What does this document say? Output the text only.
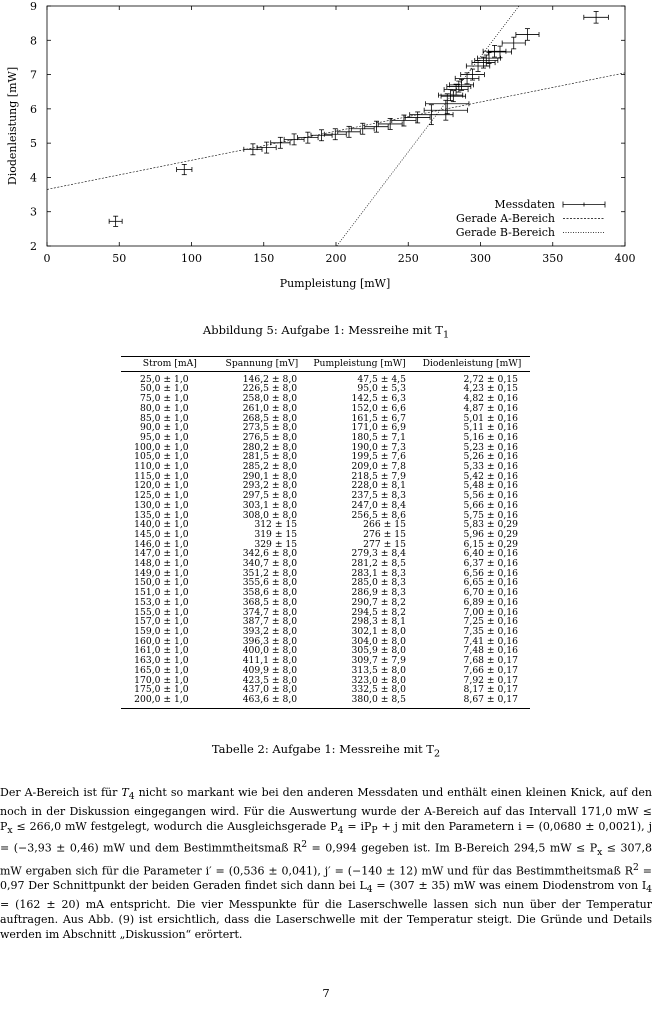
0	50	100	150	200	250	300	350	400
2
3
4
5
6
7
8
9
Pumpleistung [mW]
Diodenleistung [mW]
Messdaten
Gerade A-Bereich
Gerade B-Bereich
Abbildung 5: Aufgabe 1: Messreihe mit $T_1$
Strom [mA]	Spannung [mV]	Pumpleistung [mW]	Diodenleistung [mW]
25,0 ± 1,0	146,2 ± 8,0	47,5 ± 4,5	2,72 ± 0,15
50,0 ± 1,0	226,5 ± 8,0	95,0 ± 5,3	4,23 ± 0,15
75,0 ± 1,0	258,0 ± 8,0	142,5 ± 6,3	4,82 ± 0,16
80,0 ± 1,0	261,0 ± 8,0	152,0 ± 6,6	4,87 ± 0,16
85,0 ± 1,0	268,5 ± 8,0	161,5 ± 6,7	5,01 ± 0,16
90,0 ± 1,0	273,5 ± 8,0	171,0 ± 6,9	5,11 ± 0,16
95,0 ± 1,0	276,5 ± 8,0	180,5 ± 7,1	5,16 ± 0,16
100,0 ± 1,0	280,2 ± 8,0	190,0 ± 7,3	5,23 ± 0,16
105,0 ± 1,0	281,5 ± 8,0	199,5 ± 7,6	5,26 ± 0,16
110,0 ± 1,0	285,2 ± 8,0	209,0 ± 7,8	5,33 ± 0,16
115,0 ± 1,0	290,1 ± 8,0	218,5 ± 7,9	5,42 ± 0,16
120,0 ± 1,0	293,2 ± 8,0	228,0 ± 8,1	5,48 ± 0,16
125,0 ± 1,0	297,5 ± 8,0	237,5 ± 8,3	5,56 ± 0,16
130,0 ± 1,0	303,1 ± 8,0	247,0 ± 8,4	5,66 ± 0,16
135,0 ± 1,0	308,0 ± 8,0	256,5 ± 8,6	5,75 ± 0,16
140,0 ± 1,0	312 ± 15	266 ± 15	5,83 ± 0,29
145,0 ± 1,0	319 ± 15	276 ± 15	5,96 ± 0,29
146,0 ± 1,0	329 ± 15	277 ± 15	6,15 ± 0,29
147,0 ± 1,0	342,6 ± 8,0	279,3 ± 8,4	6,40 ± 0,16
148,0 ± 1,0	340,7 ± 8,0	281,2 ± 8,5	6,37 ± 0,16
149,0 ± 1,0	351,2 ± 8,0	283,1 ± 8,3	6,56 ± 0,16
150,0 ± 1,0	355,6 ± 8,0	285,0 ± 8,3	6,65 ± 0,16
151,0 ± 1,0	358,6 ± 8,0	286,9 ± 8,3	6,70 ± 0,16
153,0 ± 1,0	368,5 ± 8,0	290,7 ± 8,2	6,89 ± 0,16
155,0 ± 1,0	374,7 ± 8,0	294,5 ± 8,2	7,00 ± 0,16
157,0 ± 1,0	387,7 ± 8,0	298,3 ± 8,1	7,25 ± 0,16
159,0 ± 1,0	393,2 ± 8,0	302,1 ± 8,0	7,35 ± 0,16
160,0 ± 1,0	396,3 ± 8,0	304,0 ± 8,0	7,41 ± 0,16
161,0 ± 1,0	400,0 ± 8,0	305,9 ± 8,0	7,48 ± 0,16
163,0 ± 1,0	411,1 ± 8,0	309,7 ± 7,9	7,68 ± 0,17
165,0 ± 1,0	409,9 ± 8,0	313,5 ± 8,0	7,66 ± 0,17
170,0 ± 1,0	423,5 ± 8,0	323,0 ± 8,0	7,92 ± 0,17
175,0 ± 1,0	437,0 ± 8,0	332,5 ± 8,0	8,17 ± 0,17
200,0 ± 1,0	463,6 ± 8,0	380,0 ± 8,5	8,67 ± 0,17
Tabelle 2: Aufgabe 1: Messreihe mit $T_2$

Der A-Bereich ist für $T_4$ nicht so markant wie bei den anderen Messdaten und enthält einen kleinen Knick, auf den noch in der Diskussion eingegangen wird. Für die Auswertung wurde der A-Bereich auf das Intervall 171,0 mW ≤ $P_x \le 266,0$ mW festgelegt, wodurch die Ausgleichsgerade $P_4 = iP_P + j$ mit den Parametern i = (0,0680 ± 0,0021), j = (−3,93 ± 0,46) mW und dem Bestimmtheitsmaß $R^2 = 0,994$ gegeben ist. Im B-Bereich 294,5 mW ≤ $P_x \le 307,8$ mW ergaben sich für die Parameter i′ = (0,536 ± 0,041), j′ = (−140 ± 12) mW und für das Bestimmtheitsmaß $R^2 = 0,97$ Der Schnittpunkt der beiden Geraden findet sich dann bei $L_4 = (307 \pm 35)$ mW was einem Diodenstrom von $I_4 = (162 \pm 20)$ mA entspricht. Die vier Messpunkte für die Laserschwelle lassen sich nun über der Temperatur auftragen. Aus Abb. (9) ist ersichtlich, dass die Laserschwelle mit der Temperatur steigt. Die Gründe und Details werden im Abschnitt „Diskussion“ erörtert.

7
